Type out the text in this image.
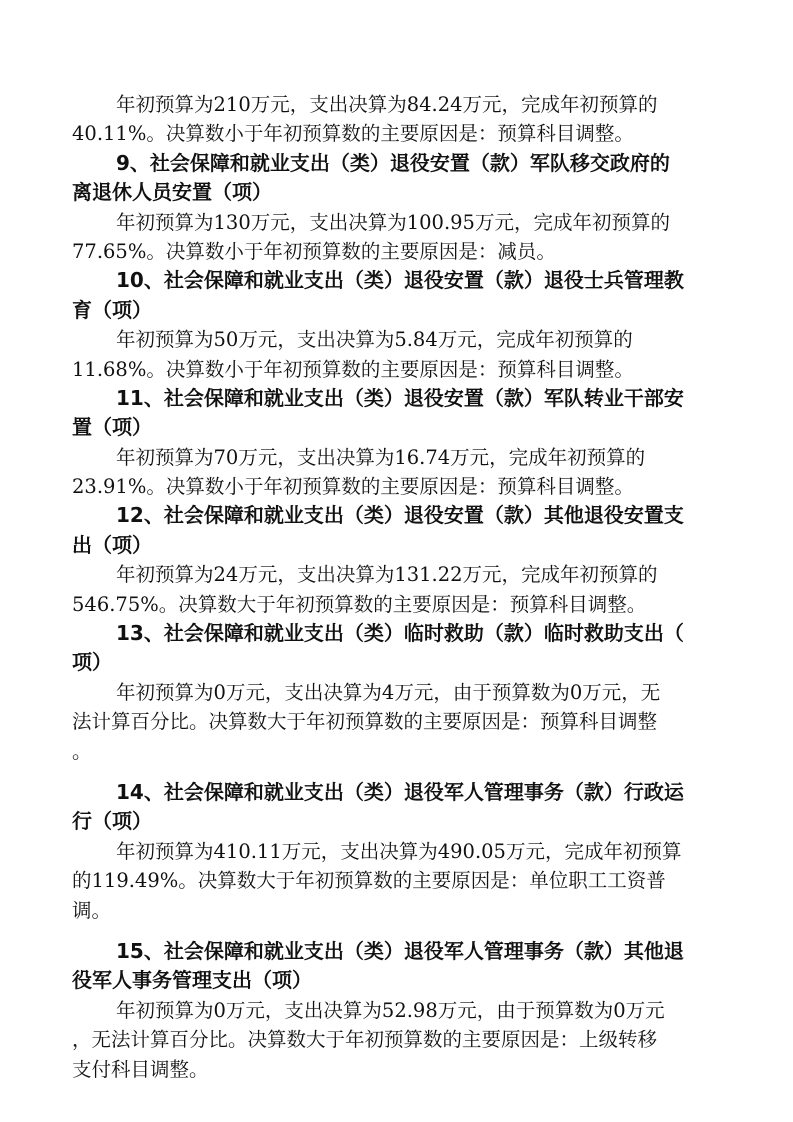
年初预算为210万元，支出决算为84.24万元，完成年初预算的
40.11%。决算数小于年初预算数的主要原因是：预算科目调整。
9、社会保障和就业支出（类）退役安置（款）军队移交政府的
离退休人员安置（项）
年初预算为130万元，支出决算为100.95万元，完成年初预算的
77.65%。决算数小于年初预算数的主要原因是：减员。
10、社会保障和就业支出（类）退役安置（款）退役士兵管理教
育（项）
年初预算为50万元，支出决算为5.84万元，完成年初预算的
11.68%。决算数小于年初预算数的主要原因是：预算科目调整。
11、社会保障和就业支出（类）退役安置（款）军队转业干部安
置（项）
年初预算为70万元，支出决算为16.74万元，完成年初预算的
23.91%。决算数小于年初预算数的主要原因是：预算科目调整。
12、社会保障和就业支出（类）退役安置（款）其他退役安置支
出（项）
年初预算为24万元，支出决算为131.22万元，完成年初预算的
546.75%。决算数大于年初预算数的主要原因是：预算科目调整。
13、社会保障和就业支出（类）临时救助（款）临时救助支出（
项）
年初预算为0万元，支出决算为4万元，由于预算数为0万元，无
法计算百分比。决算数大于年初预算数的主要原因是：预算科目调整
。
14、社会保障和就业支出（类）退役军人管理事务（款）行政运
行（项）
年初预算为410.11万元，支出决算为490.05万元，完成年初预算
的119.49%。决算数大于年初预算数的主要原因是：单位职工工资普
调。
15、社会保障和就业支出（类）退役军人管理事务（款）其他退
役军人事务管理支出（项）
年初预算为0万元，支出决算为52.98万元，由于预算数为0万元
，无法计算百分比。决算数大于年初预算数的主要原因是：上级转移
支付科目调整。
